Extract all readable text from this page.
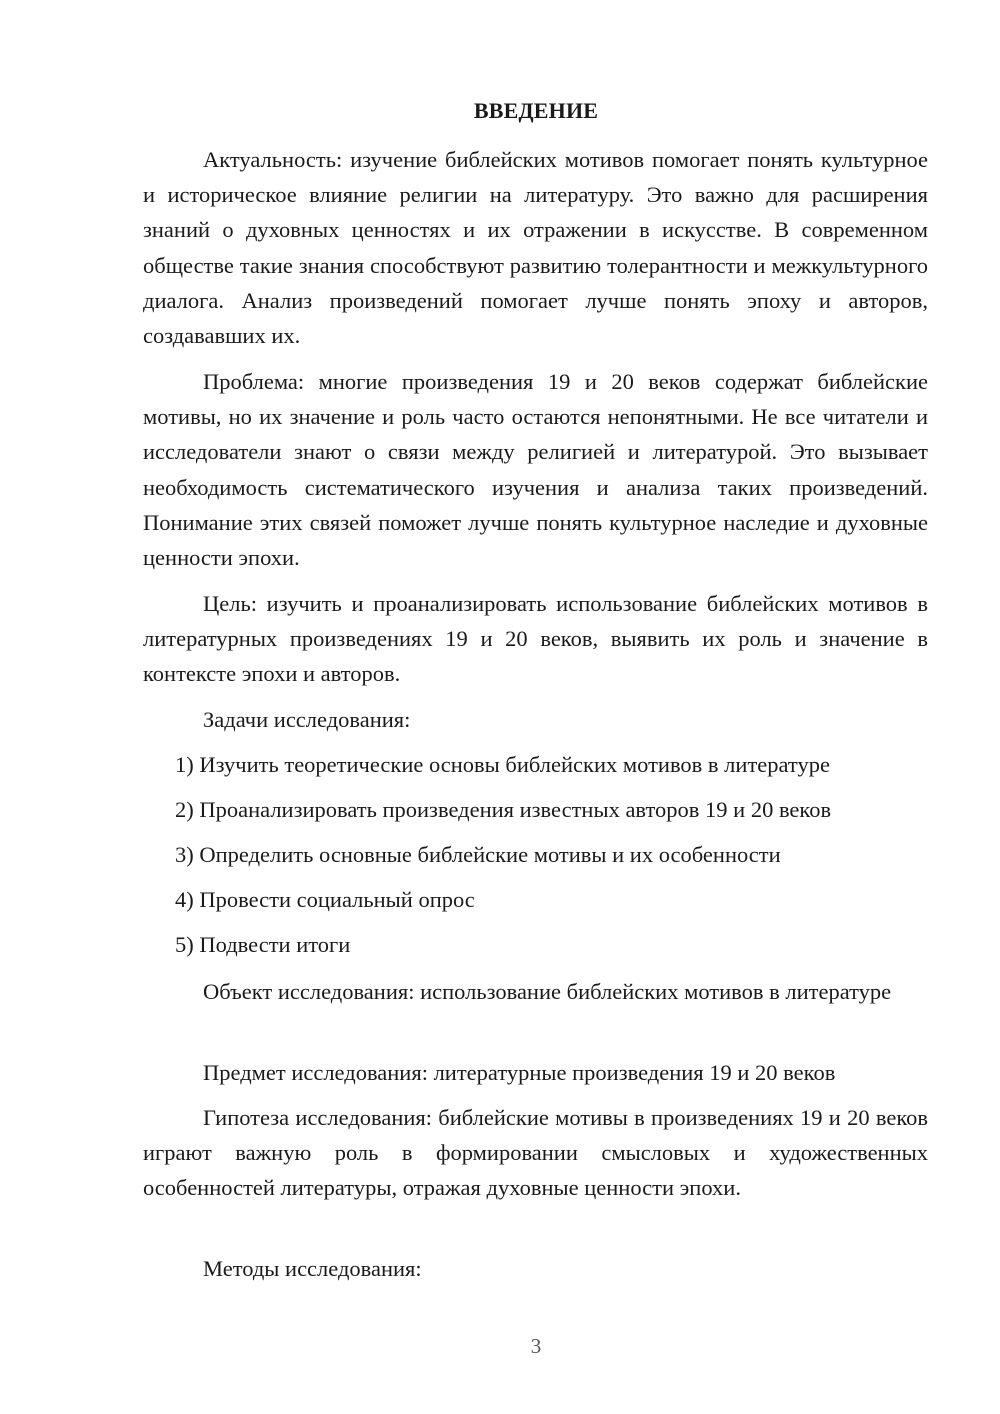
ВВЕДЕНИЕ

Актуальность: изучение библейских мотивов помогает понять культурное и историческое влияние религии на литературу. Это важно для расширения знаний о духовных ценностях и их отражении в искусстве. В современном обществе такие знания способствуют развитию толерантности и межкультурного диалога. Анализ произведений помогает лучше понять эпоху и авторов, создававших их.

Проблема: многие произведения 19 и 20 веков содержат библейские мотивы, но их значение и роль часто остаются непонятными. Не все читатели и исследователи знают о связи между религией и литературой. Это вызывает необходимость систематического изучения и анализа таких произведений. Понимание этих связей поможет лучше понять культурное наследие и духовные ценности эпохи.

Цель: изучить и проанализировать использование библейских мотивов в литературных произведениях 19 и 20 веков, выявить их роль и значение в контексте эпохи и авторов.

Задачи исследования:

1) Изучить теоретические основы библейских мотивов в литературе

2) Проанализировать произведения известных авторов 19 и 20 веков

3) Определить основные библейские мотивы и их особенности

4) Провести социальный опрос

5) Подвести итоги

Объект исследования: использование библейских мотивов в литературе

Предмет исследования: литературные произведения 19 и 20 веков

Гипотеза исследования: библейские мотивы в произведениях 19 и 20 веков играют важную роль в формировании смысловых и художественных особенностей литературы, отражая духовные ценности эпохи.

Методы исследования:

3
